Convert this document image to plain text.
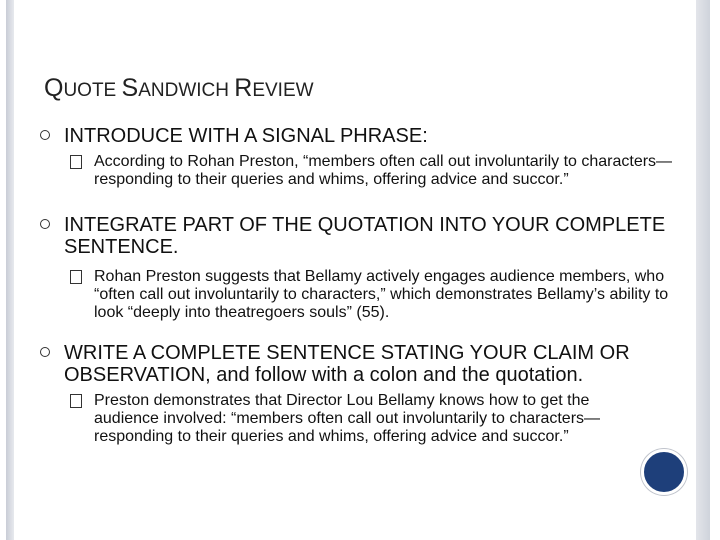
QUOTE SANDWICH REVIEW
INTRODUCE WITH A SIGNAL PHRASE:
According to Rohan Preston, “members often call out involuntarily to characters—responding to their queries and whims, offering advice and succor.”
INTEGRATE PART OF THE QUOTATION INTO YOUR COMPLETE SENTENCE.
Rohan Preston suggests that Bellamy actively engages audience members, who “often call out involuntarily to characters,” which demonstrates Bellamy’s ability to look “deeply into theatregoers souls” (55).
WRITE A COMPLETE SENTENCE STATING YOUR CLAIM OR OBSERVATION, and follow with a colon and the quotation.
Preston demonstrates that Director Lou Bellamy knows how to get the audience involved: “members often call out involuntarily to characters—responding to their queries and whims, offering advice and succor.”
